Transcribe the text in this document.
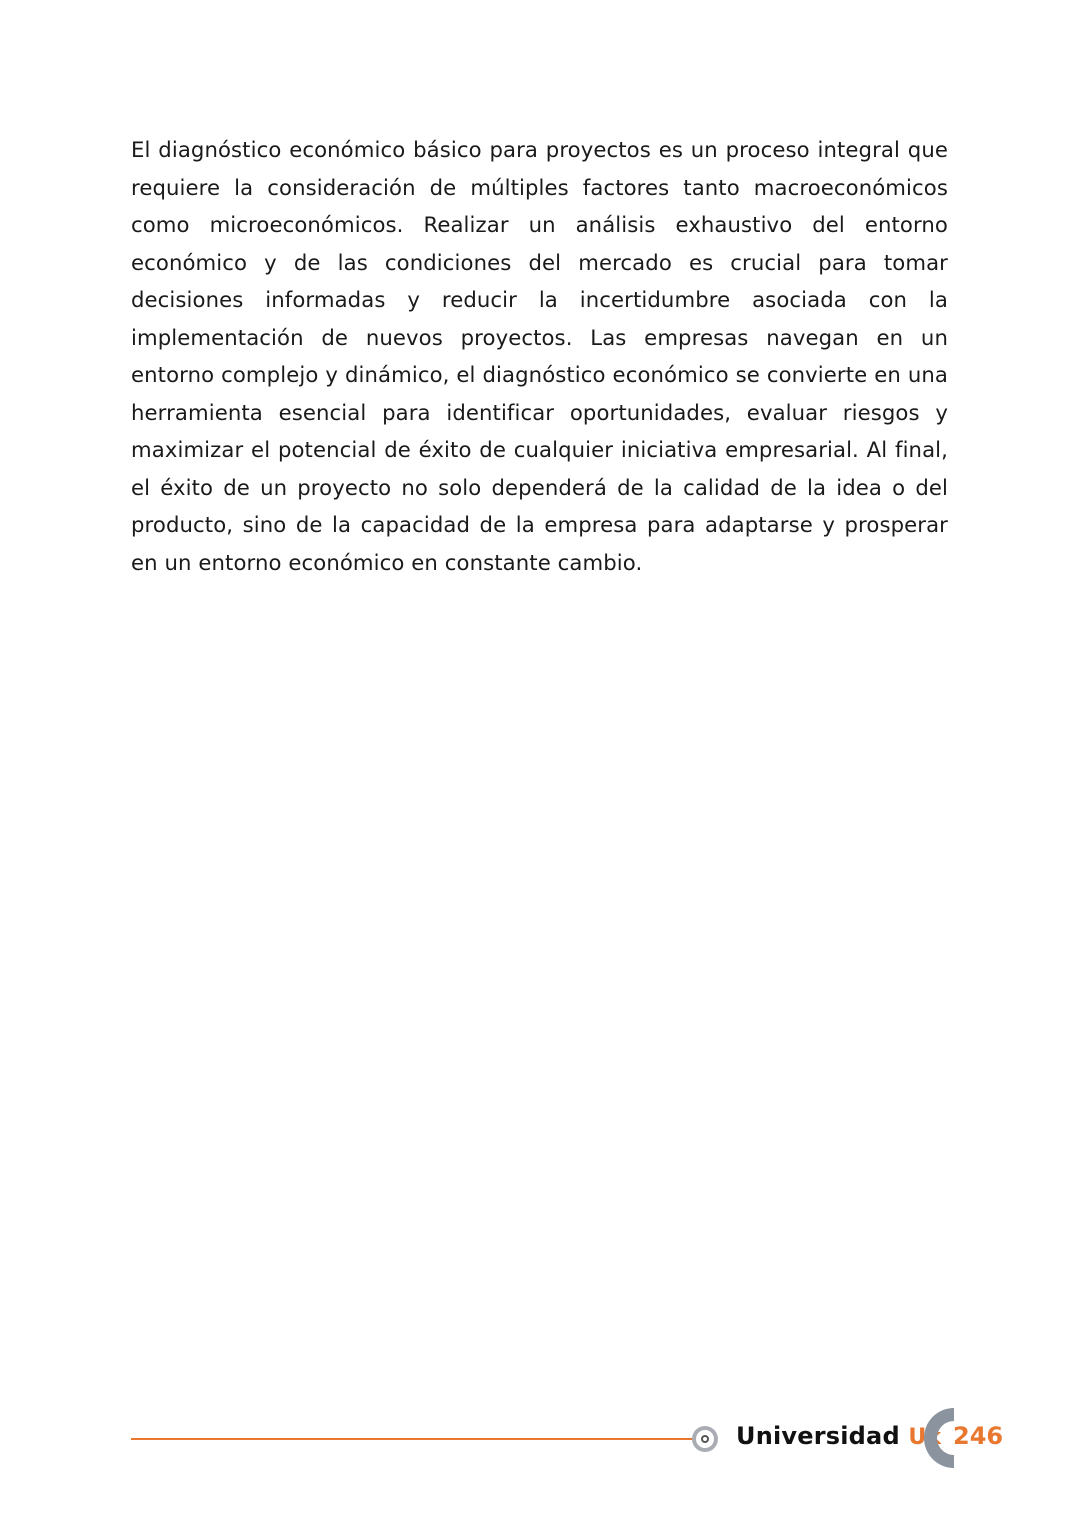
El diagnóstico económico básico para proyectos es un proceso integral que requiere la consideración de múltiples factores tanto macroeconómicos como microeconómicos. Realizar un análisis exhaustivo del entorno económico y de las condiciones del mercado es crucial para tomar decisiones informadas y reducir la incertidumbre asociada con la implementación de nuevos proyectos. Las empresas navegan en un entorno complejo y dinámico, el diagnóstico económico se convierte en una herramienta esencial para identificar oportunidades, evaluar riesgos y maximizar el potencial de éxito de cualquier iniciativa empresarial. Al final, el éxito de un proyecto no solo dependerá de la calidad de la idea o del producto, sino de la capacidad de la empresa para adaptarse y prosperar en un entorno económico en constante cambio.

Universidad Uk 246
